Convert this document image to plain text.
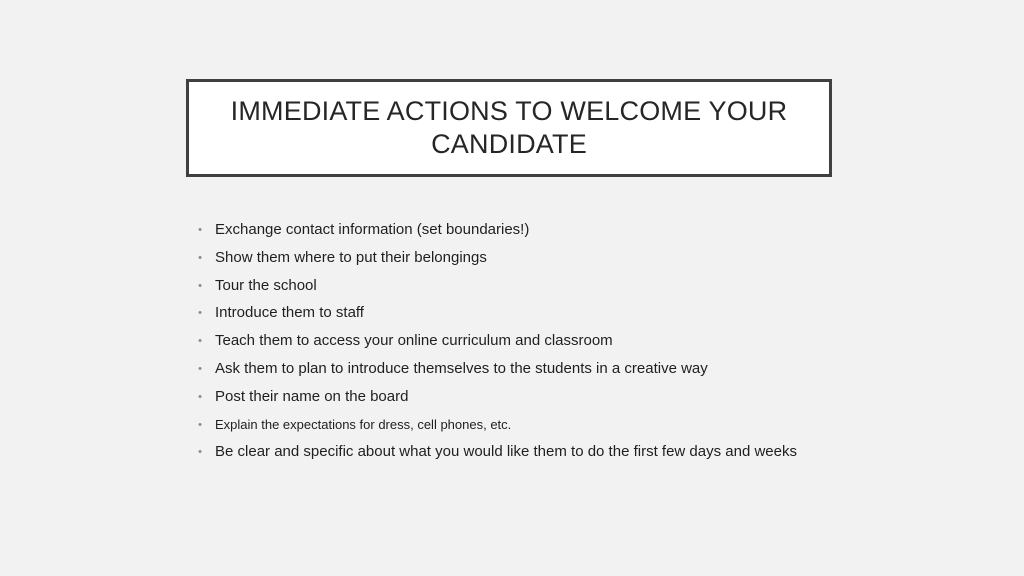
IMMEDIATE ACTIONS TO WELCOME YOUR CANDIDATE
• Exchange contact information (set boundaries!)
• Show them where to put their belongings
• Tour the school
• Introduce them to staff
• Teach them to access your online curriculum and classroom
• Ask them to plan to introduce themselves to the students in a creative way
• Post their name on the board
• Explain the expectations for dress, cell phones, etc.
• Be clear and specific about what you would like them to do the first few days and weeks
